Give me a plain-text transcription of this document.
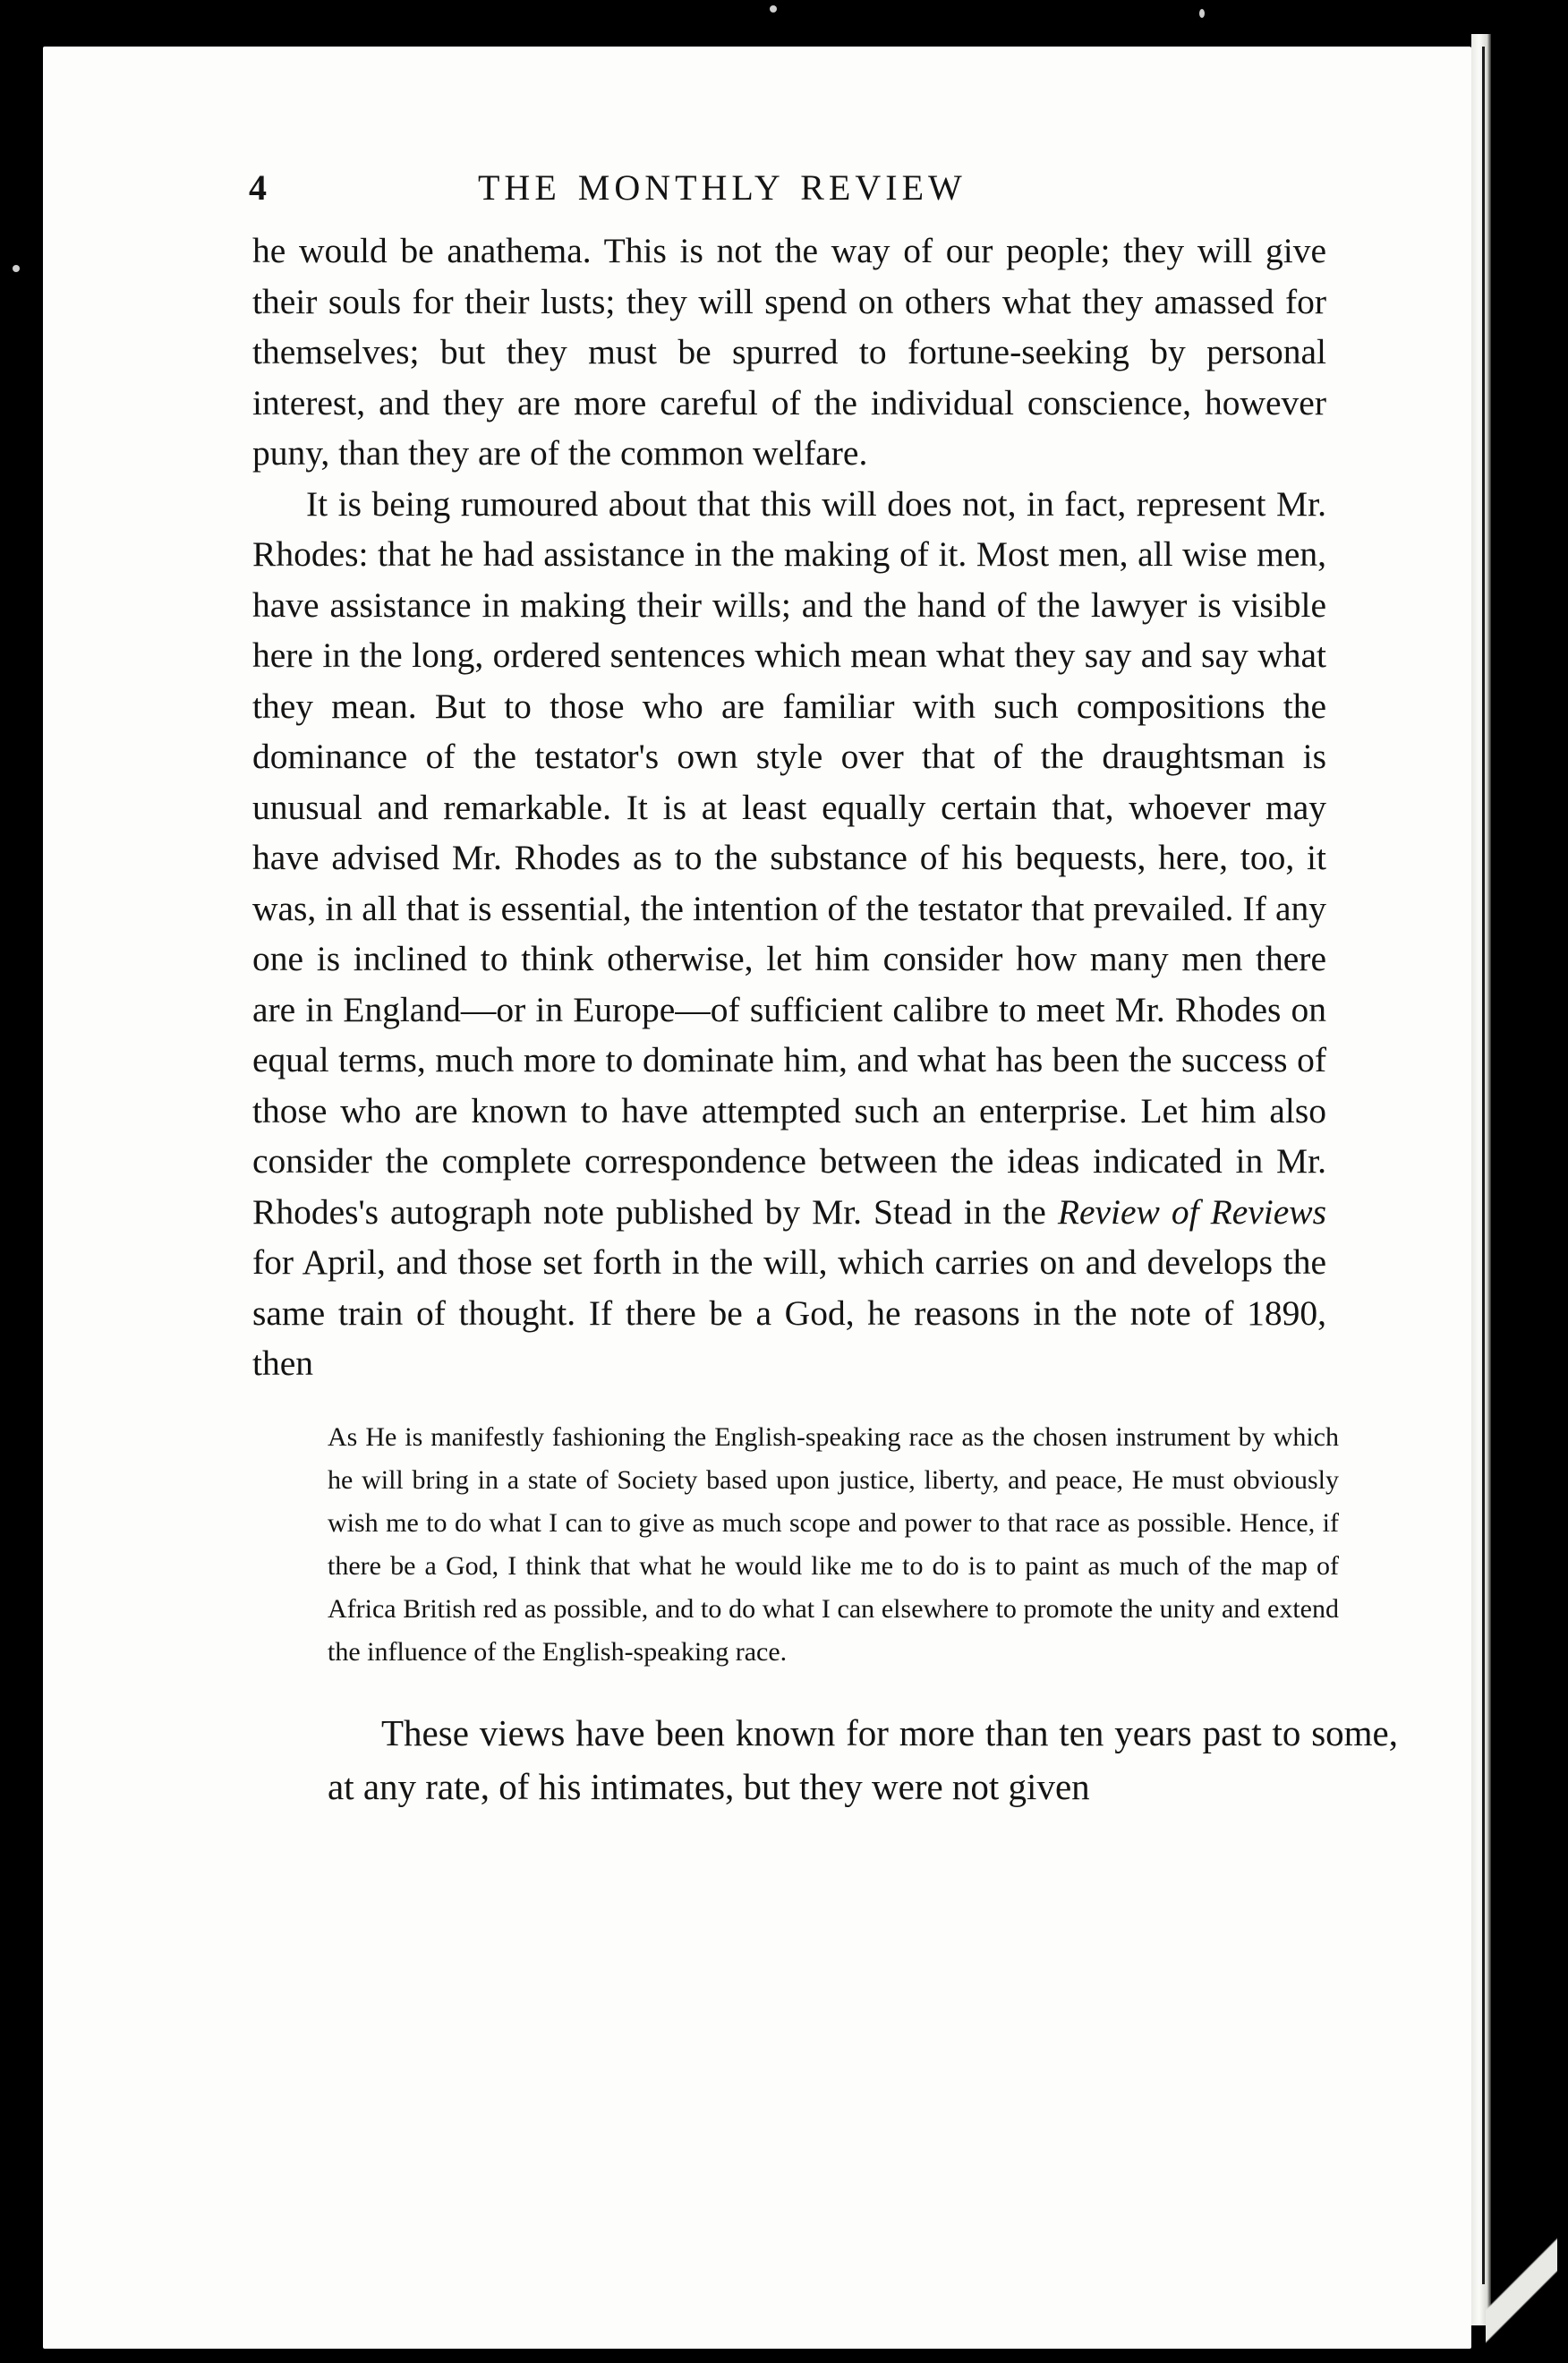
4	THE MONTHLY REVIEW

he would be anathema. This is not the way of our people; they will give their souls for their lusts; they will spend on others what they amassed for themselves; but they must be spurred to fortune-seeking by personal interest, and they are more careful of the individual conscience, however puny, than they are of the common welfare.

It is being rumoured about that this will does not, in fact, represent Mr. Rhodes: that he had assistance in the making of it. Most men, all wise men, have assistance in making their wills; and the hand of the lawyer is visible here in the long, ordered sentences which mean what they say and say what they mean. But to those who are familiar with such compositions the dominance of the testator's own style over that of the draughtsman is unusual and remarkable. It is at least equally certain that, whoever may have advised Mr. Rhodes as to the substance of his bequests, here, too, it was, in all that is essential, the intention of the testator that prevailed. If any one is inclined to think otherwise, let him consider how many men there are in England—or in Europe—of sufficient calibre to meet Mr. Rhodes on equal terms, much more to dominate him, and what has been the success of those who are known to have attempted such an enterprise. Let him also consider the complete correspondence between the ideas indicated in Mr. Rhodes's autograph note published by Mr. Stead in the Review of Reviews for April, and those set forth in the will, which carries on and develops the same train of thought. If there be a God, he reasons in the note of 1890, then

As He is manifestly fashioning the English-speaking race as the chosen instrument by which he will bring in a state of Society based upon justice, liberty, and peace, He must obviously wish me to do what I can to give as much scope and power to that race as possible. Hence, if there be a God, I think that what he would like me to do is to paint as much of the map of Africa British red as possible, and to do what I can elsewhere to promote the unity and extend the influence of the English-speaking race.

These views have been known for more than ten years past to some, at any rate, of his intimates, but they were not given
